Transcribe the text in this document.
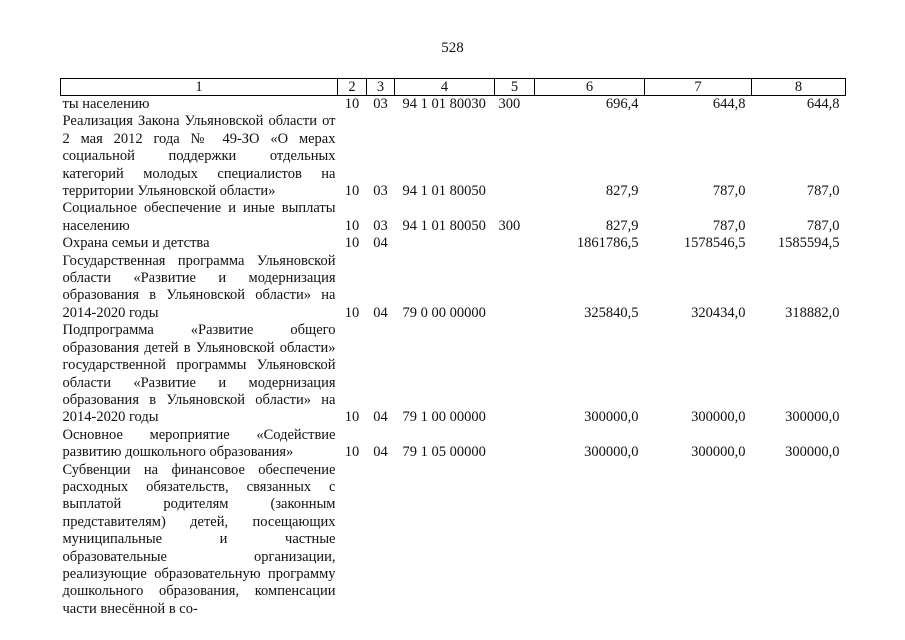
528
1	2	3	4	5	6	7	8
ты населению	10	03	94 1 01 80030	300	696,4	644,8	644,8
Реализация Закона Ульяновской области от 2 мая 2012 года № 49-ЗО «О мерах социальной поддержки отдельных категорий молодых специалистов на территории Ульяновской области»	10	03	94 1 01 80050		827,9	787,0	787,0
Социальное обеспечение и иные выплаты населению	10	03	94 1 01 80050	300	827,9	787,0	787,0
Охрана семьи и детства	10	04			1861786,5	1578546,5	1585594,5
Государственная программа Ульяновской области «Развитие и модернизация образования в Ульяновской области» на 2014-2020 годы	10	04	79 0 00 00000		325840,5	320434,0	318882,0
Подпрограмма «Развитие общего образования детей в Ульяновской области» государственной программы Ульяновской области «Развитие и модернизация образования в Ульяновской области» на 2014-2020 годы	10	04	79 1 00 00000		300000,0	300000,0	300000,0
Основное мероприятие «Содействие развитию дошкольного образования»	10	04	79 1 05 00000		300000,0	300000,0	300000,0
Субвенции на финансовое обеспечение расходных обязательств, связанных с выплатой родителям (законным представителям) детей, посещающих муниципальные и частные образовательные организации, реализующие образовательную программу дошкольного образования, компенсации части внесённой в со-							
